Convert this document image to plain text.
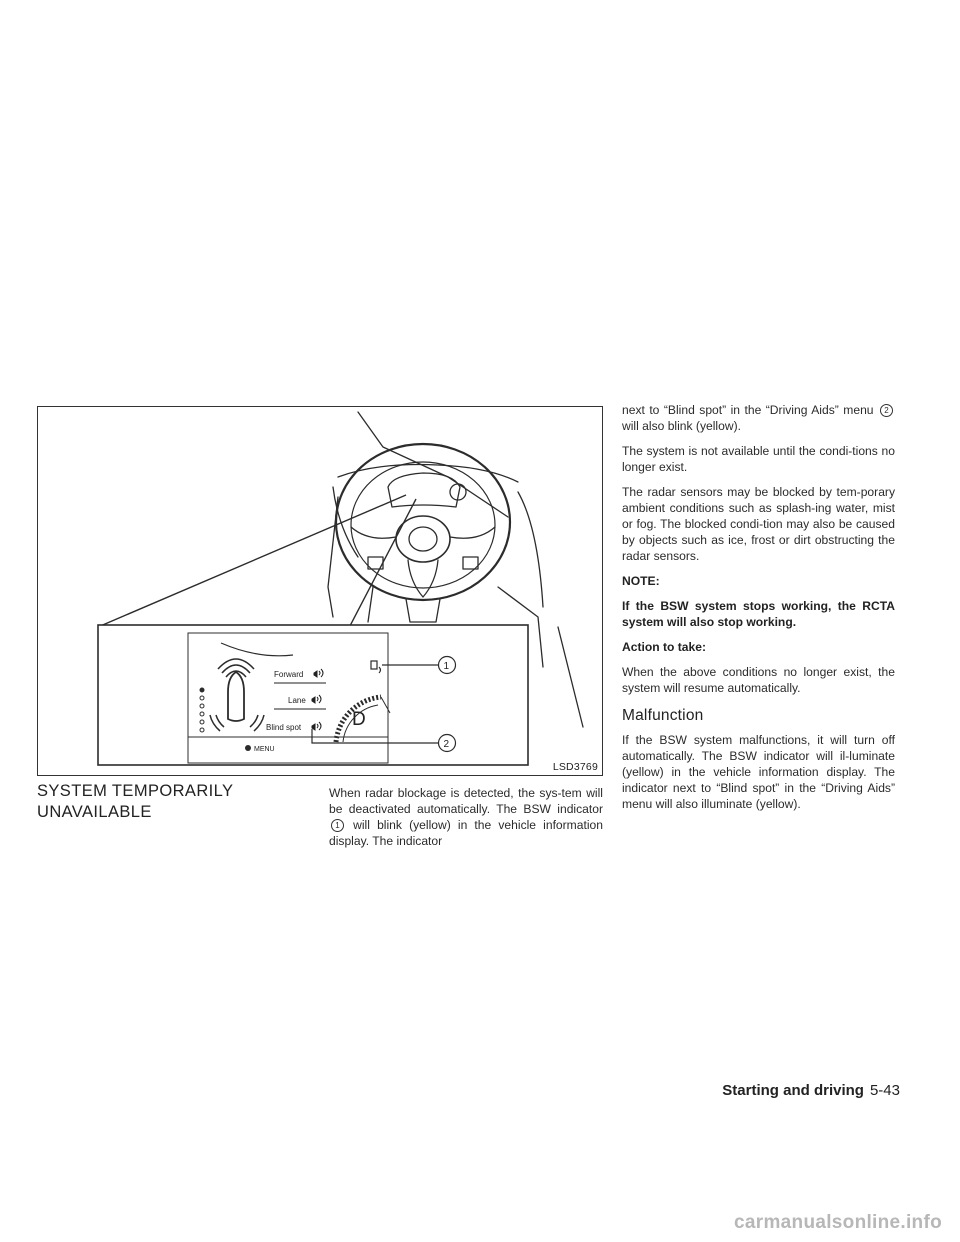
Forward
Lane
Blind spot	D
MENU
1
2
LSD3769
SYSTEM TEMPORARILY
UNAVAILABLE

When radar blockage is detected, the sys-tem will be deactivated automatically. The BSW indicator 1 will blink (yellow) in the vehicle information display. The indicator

next to “Blind spot” in the “Driving Aids” menu 2 will also blink (yellow).

The system is not available until the condi-tions no longer exist.

The radar sensors may be blocked by tem-porary ambient conditions such as splash-ing water, mist or fog. The blocked condi-tion may also be caused by objects such as ice, frost or dirt obstructing the radar sensors.

NOTE:

If the BSW system stops working, the RCTA system will also stop working.

Action to take:

When the above conditions no longer exist, the system will resume automatically.

Malfunction

If the BSW system malfunctions, it will turn off automatically. The BSW indicator will il-luminate (yellow) in the vehicle information display. The indicator next to “Blind spot” in the “Driving Aids” menu will also illuminate (yellow).

Starting and driving 5-43
carmanualsonline.info
